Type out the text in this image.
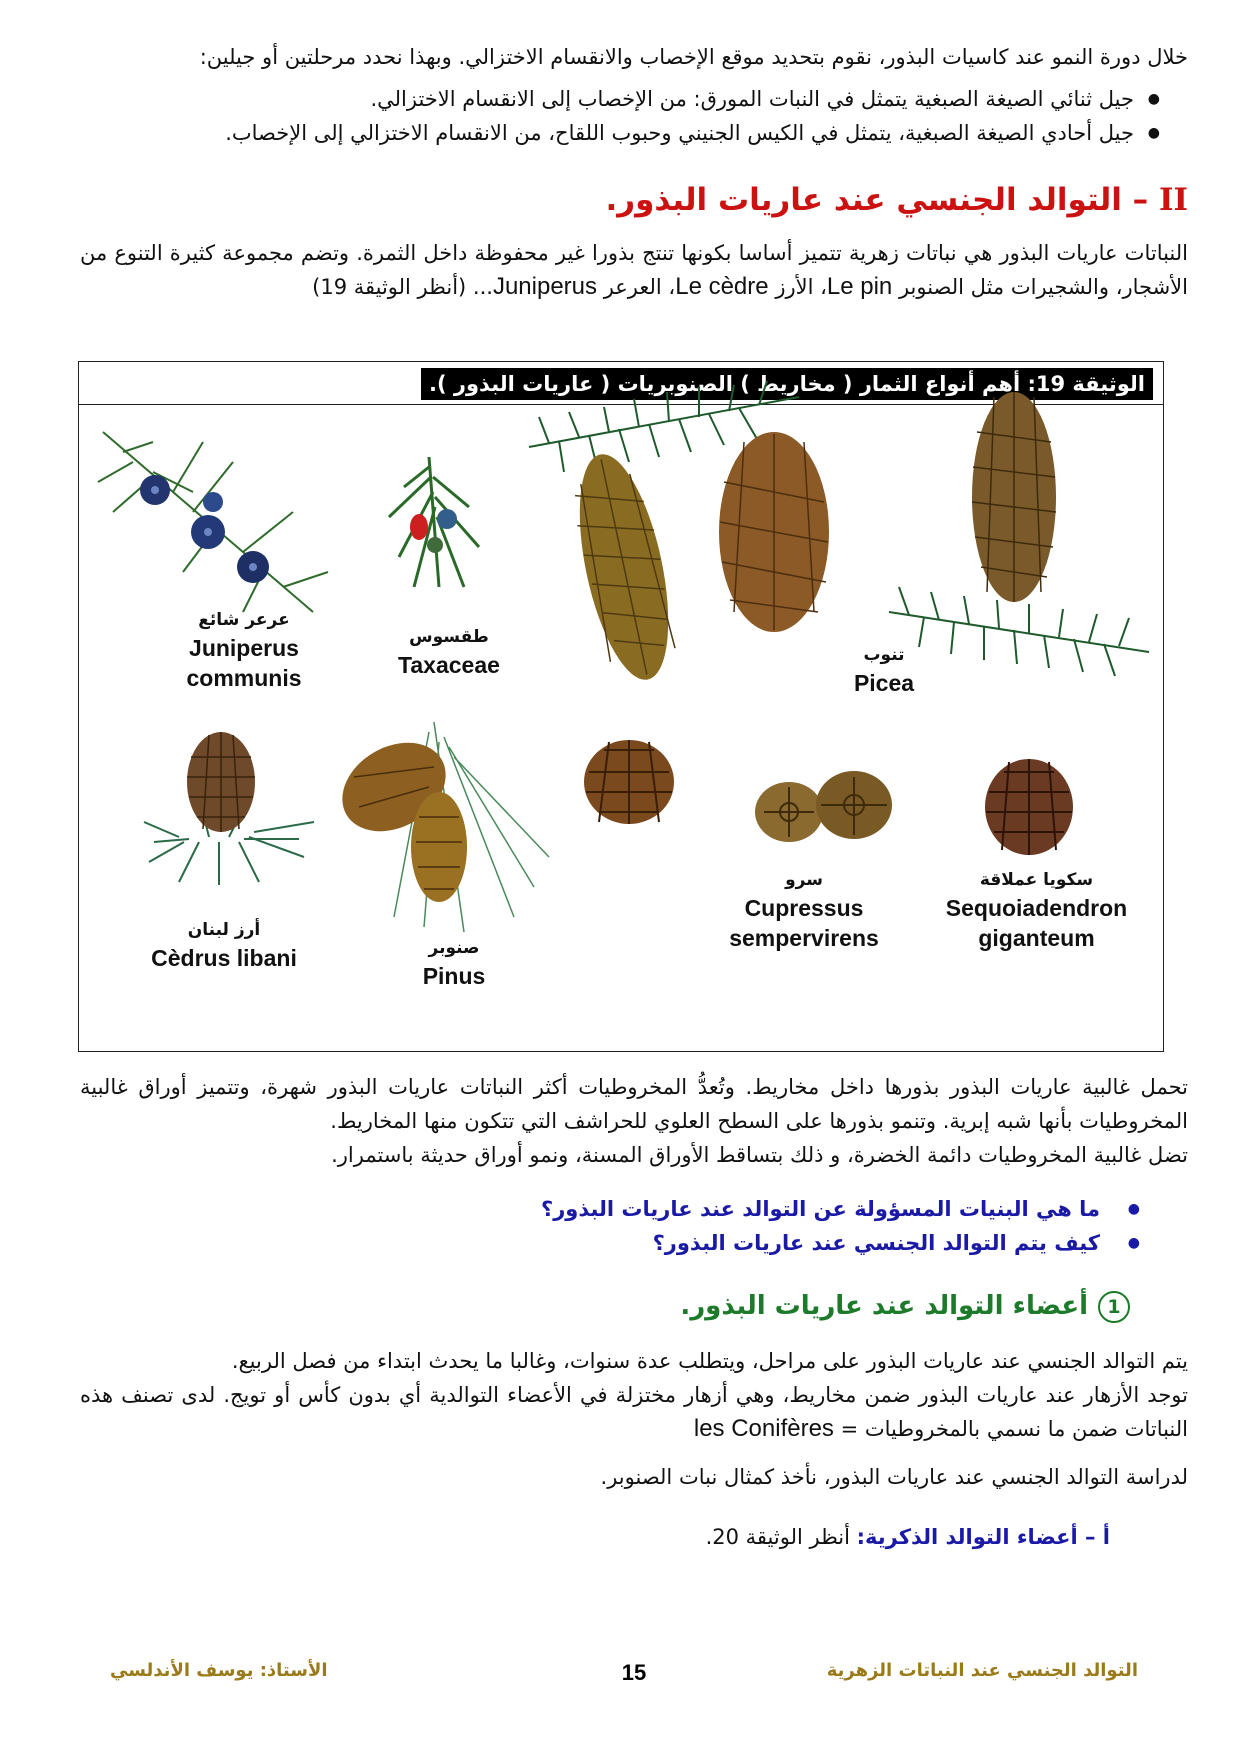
خلال دورة النمو عند كاسيات البذور، نقوم بتحديد موقع الإخصاب والانقسام الاختزالي. وبهذا نحدد مرحلتين أو جيلين:

● جيل ثنائي الصيغة الصبغية يتمثل في النبات المورق: من الإخصاب إلى الانقسام الاختزالي.
● جيل أحادي الصيغة الصبغية، يتمثل في الكيس الجنيني وحبوب اللقاح، من الانقسام الاختزالي إلى الإخصاب.
II – التوالد الجنسي عند عاريات البذور.

النباتات عاريات البذور هي نباتات زهرية تتميز أساسا بكونها تنتج بذورا غير محفوظة داخل الثمرة. وتضم مجموعة كثيرة التنوع من الأشجار، والشجيرات مثل الصنوبر Le pin، الأرز Le cèdre، العرعر Juniperus... (أنظر الوثيقة 19)

الوثيقة 19: أهم أنواع الثمار ( مخاريط ) الصنوبريات ( عاريات البذور ).
عرعر شائع
Juniperus
communis
طقسوس
Taxaceae	تنوب
Picea
أرز لبنان
Cèdrus libani	صنوبر
Pinus
سرو
Cupressus
sempervirens
سكويا عملاقة
Sequoiadendron
giganteum

تحمل غالبية عاريات البذور بذورها داخل مخاريط. وتُعدُّ المخروطيات أكثر النباتات عاريات البذور شهرة، وتتميز أوراق غالبية المخروطيات بأنها شبه إبرية. وتنمو بذورها على السطح العلوي للحراشف التي تتكون منها المخاريط.

تضل غالبية المخروطيات دائمة الخضرة، و ذلك بتساقط الأوراق المسنة، ونمو أوراق حديثة باستمرار.

● ما هي البنيات المسؤولة عن التوالد عند عاريات البذور؟
● كيف يتم التوالد الجنسي عند عاريات البذور؟
1أعضاء التوالد عند عاريات البذور.

يتم التوالد الجنسي عند عاريات البذور على مراحل، ويتطلب عدة سنوات، وغالبا ما يحدث ابتداء من فصل الربيع.

توجد الأزهار عند عاريات البذور ضمن مخاريط، وهي أزهار مختزلة في الأعضاء التوالدية أي بدون كأس أو تويج. لدى تصنف هذه النباتات ضمن ما نسمي بالمخروطيات = les Conifères

لدراسة التوالد الجنسي عند عاريات البذور، نأخذ كمثال نبات الصنوبر.

أ – أعضاء التوالد الذكرية: أنظر الوثيقة 20.

التوالد الجنسي عند النباتات الزهرية
15
الأستاذ: يوسف الأندلسي
